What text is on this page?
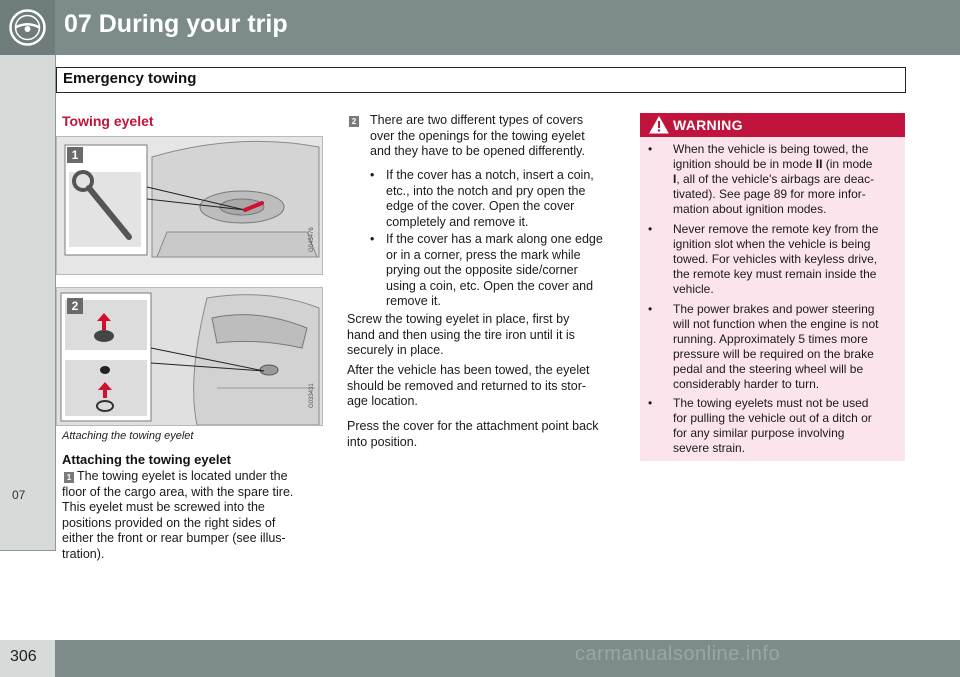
07 During your trip
07
Emergency towing
Towing eyelet
G045476
1
G033431
2
Attaching the towing eyelet
Attaching the towing eyelet
1 The towing eyelet is located under the
floor of the cargo area, with the spare tire.
This eyelet must be screwed into the
positions provided on the right sides of
either the front or rear bumper (see illus-
tration).
2 There are two different types of covers
over the openings for the towing eyelet
and they have to be opened differently.
• If the cover has a notch, insert a coin,
etc., into the notch and pry open the
edge of the cover. Open the cover
completely and remove it.
• If the cover has a mark along one edge
or in a corner, press the mark while
prying out the opposite side/corner
using a coin, etc. Open the cover and
remove it.
Screw the towing eyelet in place, first by
hand and then using the tire iron until it is
securely in place.
After the vehicle has been towed, the eyelet
should be removed and returned to its stor-
age location.
Press the cover for the attachment point back
into position.
WARNING
• When the vehicle is being towed, the
ignition should be in mode II (in mode
I, all of the vehicle's airbags are deac-
tivated). See page 89 for more infor-
mation about ignition modes.
• Never remove the remote key from the
ignition slot when the vehicle is being
towed. For vehicles with keyless drive,
the remote key must remain inside the
vehicle.
• The power brakes and power steering
will not function when the engine is not
running. Approximately 5 times more
pressure will be required on the brake
pedal and the steering wheel will be
considerably harder to turn.
• The towing eyelets must not be used
for pulling the vehicle out of a ditch or
for any similar purpose involving
severe strain.
306	carmanualsonline.info
